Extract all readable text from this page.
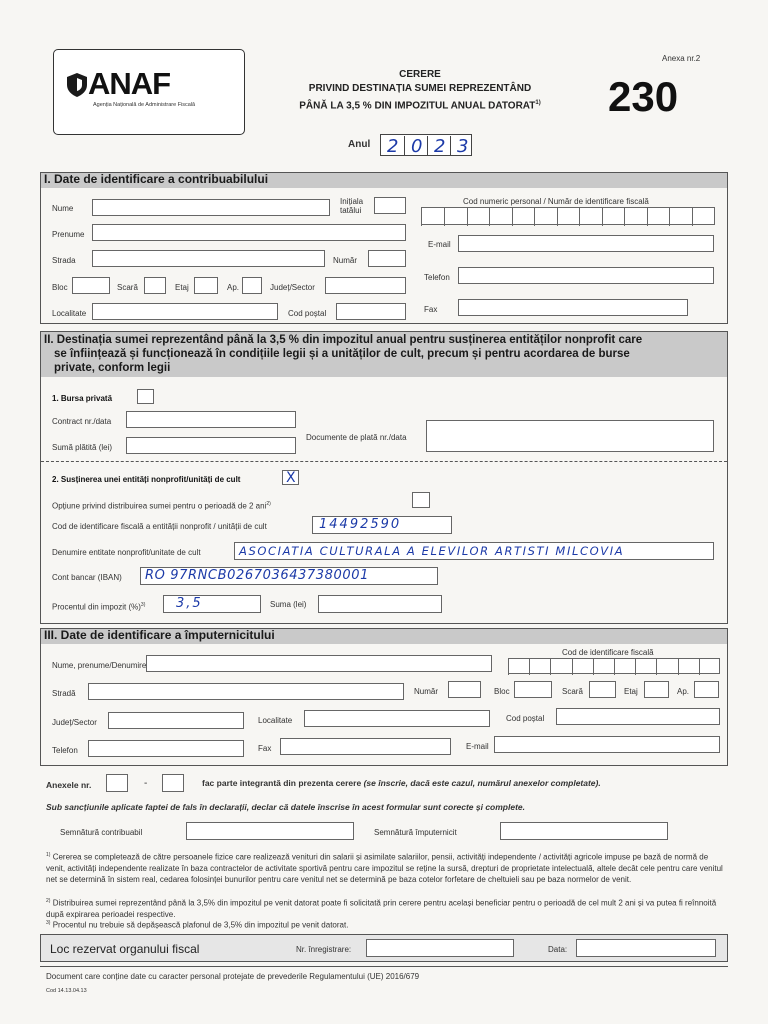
ANAF
Agenția Națională de Administrare Fiscală
CERERE
PRIVIND DESTINAȚIA SUMEI REPREZENTÂND
PÂNĂ LA 3,5 % DIN IMPOZITUL ANUAL DATORAT$^{1)}$
Anexa nr.2
230
Anul 2 0 2 3
I. Date de identificare a contribuabilului
Nume
Inițiala
tatălui
Cod numeric personal / Număr de identificare fiscală
Prenume
E-mail
Strada	Număr
Bloc	Scară	Etaj	Ap.	Județ/Sector
Telefon
Localitate	Cod poștal	Fax
II. Destinația sumei reprezentând până la 3,5 % din impozitul anual pentru susținerea entităților nonprofit care
se înființează și funcționează în condițiile legii și a unităților de cult, precum și pentru acordarea de burse
private, conform legii
1. Bursa privată
Contract nr./data
Sumă plătită (lei)
Documente de plată nr./data
2. Susținerea unei entități nonprofit/unități de cult	X
Opțiune privind distribuirea sumei pentru o perioadă de 2 ani$^{2)}$
Cod de identificare fiscală a entității nonprofit / unității de cult	14492590
Denumire entitate nonprofit/unitate de cult	ASOCIATIA CULTURALA A ELEVILOR ARTISTI MILCOVIA
Cont bancar (IBAN)	RO 97RNCB0267036437380001
Procentul din impozit (%)$^{3)}$	3,5	Suma (lei)
III. Date de identificare a împuternicitului
Nume, prenume/Denumire
Cod de identificare fiscală
Stradă	Număr	Bloc	Scară	Etaj	Ap.
Județ/Sector	Localitate	Cod poștal
Telefon	Fax	E-mail
Anexele nr.	-	fac parte integrantă din prezenta cerere (se înscrie, dacă este cazul, numărul anexelor completate).
Sub sancțiunile aplicate faptei de fals în declarații, declar că datele înscrise în acest formular sunt corecte și complete.
Semnătură contribuabil	Semnătură împuternicit
$^{1)}$ Cererea se completează de către persoanele fizice care realizează venituri din salarii și asimilate salariilor, pensii, activități independente / activități agricole impuse pe bază de normă de venit, activități independente realizate în baza contractelor de activitate sportivă pentru care impozitul se reține la sursă, drepturi de proprietate intelectuală, altele decât cele pentru care venitul net se determină în sistem real, cedarea folosinței bunurilor pentru care venitul net se determină pe baza cotelor forfetare de cheltuieli sau pe baza normelor de venit.
$^{2)}$ Distribuirea sumei reprezentând până la 3,5% din impozitul pe venit datorat poate fi solicitată prin cerere pentru același beneficiar pentru o perioadă de cel mult 2 ani și va putea fi reînnoită după expirarea perioadei respective.
$^{3)}$ Procentul nu trebuie să depășească plafonul de 3,5% din impozitul pe venit datorat.
Loc rezervat organului fiscal	Nr. înregistrare:	Data:
Document care conține date cu caracter personal protejate de prevederile Regulamentului (UE) 2016/679
Cod 14.13.04.13
